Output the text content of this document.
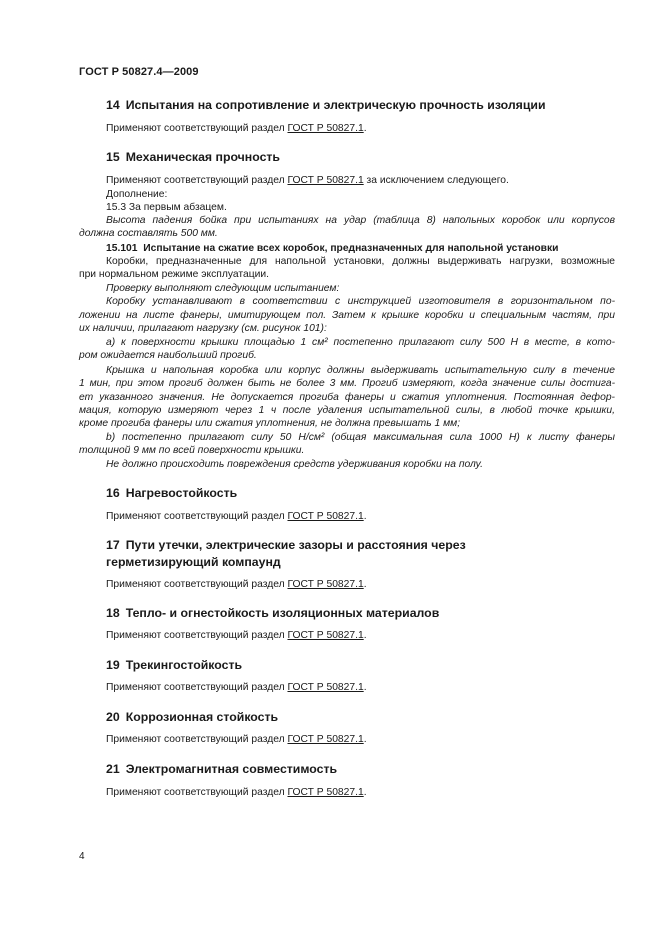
ГОСТ Р 50827.4—2009
14 Испытания на сопротивление и электрическую прочность изоляции
Применяют соответствующий раздел ГОСТ Р 50827.1.
15 Механическая прочность
Применяют соответствующий раздел ГОСТ Р 50827.1 за исключением следующего.
Дополнение:
15.3 За первым абзацем.
Высота падения бойка при испытаниях на удар (таблица 8) напольных коробок или корпусов
должна составлять 500 мм.
15.101 Испытание на сжатие всех коробок, предназначенных для напольной установки
Коробки, предназначенные для напольной установки, должны выдерживать нагрузки, возможные
при нормальном режиме эксплуатации.
Проверку выполняют следующим испытанием:
Коробку устанавливают в соответствии с инструкцией изготовителя в горизонтальном по-
ложении на листе фанеры, имитирующем пол. Затем к крышке коробки и специальным частям, при
их наличии, прилагают нагрузку (см. рисунок 101):
a) к поверхности крышки площадью 1 см² постепенно прилагают силу 500 Н в месте, в кото-
ром ожидается наибольший прогиб.
Крышка и напольная коробка или корпус должны выдерживать испытательную силу в течение
1 мин, при этом прогиб должен быть не более 3 мм. Прогиб измеряют, когда значение силы достига-
ет указанного значения. Не допускается прогиба фанеры и сжатия уплотнения. Постоянная дефор-
мация, которую измеряют через 1 ч после удаления испытательной силы, в любой точке крышки,
кроме прогиба фанеры или сжатия уплотнения, не должна превышать 1 мм;
b) постепенно прилагают силу 50 Н/см² (общая максимальная сила 1000 Н) к листу фанеры
толщиной 9 мм по всей поверхности крышки.
Не должно происходить повреждения средств удерживания коробки на полу.
16 Нагревостойкость
Применяют соответствующий раздел ГОСТ Р 50827.1.
17 Пути утечки, электрические зазоры и расстояния через
герметизирующий компаунд
Применяют соответствующий раздел ГОСТ Р 50827.1.
18 Тепло- и огнестойкость изоляционных материалов
Применяют соответствующий раздел ГОСТ Р 50827.1.
19 Трекингостойкость
Применяют соответствующий раздел ГОСТ Р 50827.1.
20 Коррозионная стойкость
Применяют соответствующий раздел ГОСТ Р 50827.1.
21 Электромагнитная совместимость
Применяют соответствующий раздел ГОСТ Р 50827.1.
4
